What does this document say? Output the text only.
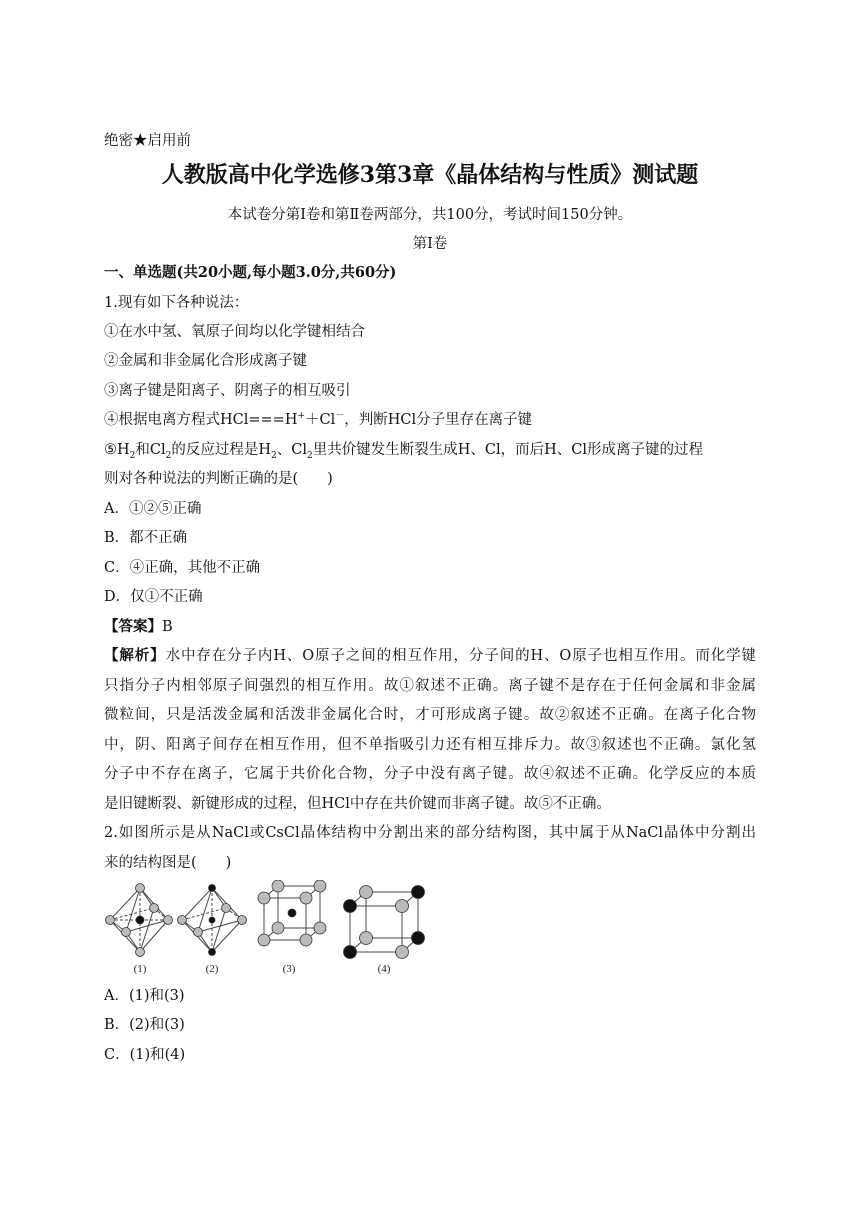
绝密★启用前
人教版高中化学选修3第3章《晶体结构与性质》测试题
本试卷分第Ⅰ卷和第Ⅱ卷两部分，共100分，考试时间150分钟。
第Ⅰ卷
一、单选题(共20小题,每小题3.0分,共60分)
1.现有如下各种说法：
①在水中氢、氧原子间均以化学键相结合
②金属和非金属化合形成离子键
③离子键是阳离子、阴离子的相互吸引
④根据电离方程式HCl===H+＋Cl－，判断HCl分子里存在离子键
$⑤H_2$和$Cl_2$的反应过程是$H_2$、$Cl_2$里共价键发生断裂生成H、Cl，而后H、Cl形成离子键的过程
则对各种说法的判断正确的是(　　)
A．①②⑤正确
B．都不正确
C．④正确，其他不正确
D．仅①不正确
【答案】B
【解析】水中存在分子内H、O原子之间的相互作用，分子间的H、O原子也相互作用。而化学键
只指分子内相邻原子间强烈的相互作用。故①叙述不正确。离子键不是存在于任何金属和非金属
微粒间，只是活泼金属和活泼非金属化合时，才可形成离子键。故②叙述不正确。在离子化合物
中，阴、阳离子间存在相互作用，但不单指吸引力还有相互排斥力。故③叙述也不正确。氯化氢
分子中不存在离子，它属于共价化合物，分子中没有离子键。故④叙述不正确。化学反应的本质
是旧键断裂、新键形成的过程，但HCl中存在共价键而非离子键。故⑤不正确。
2.如图所示是从NaCl或CsCl晶体结构中分割出来的部分结构图，其中属于从NaCl晶体中分割出
来的结构图是(　　)
(1)	(2)	(3)	(4)
A．(1)和(3)
B．(2)和(3)
C．(1)和(4)
